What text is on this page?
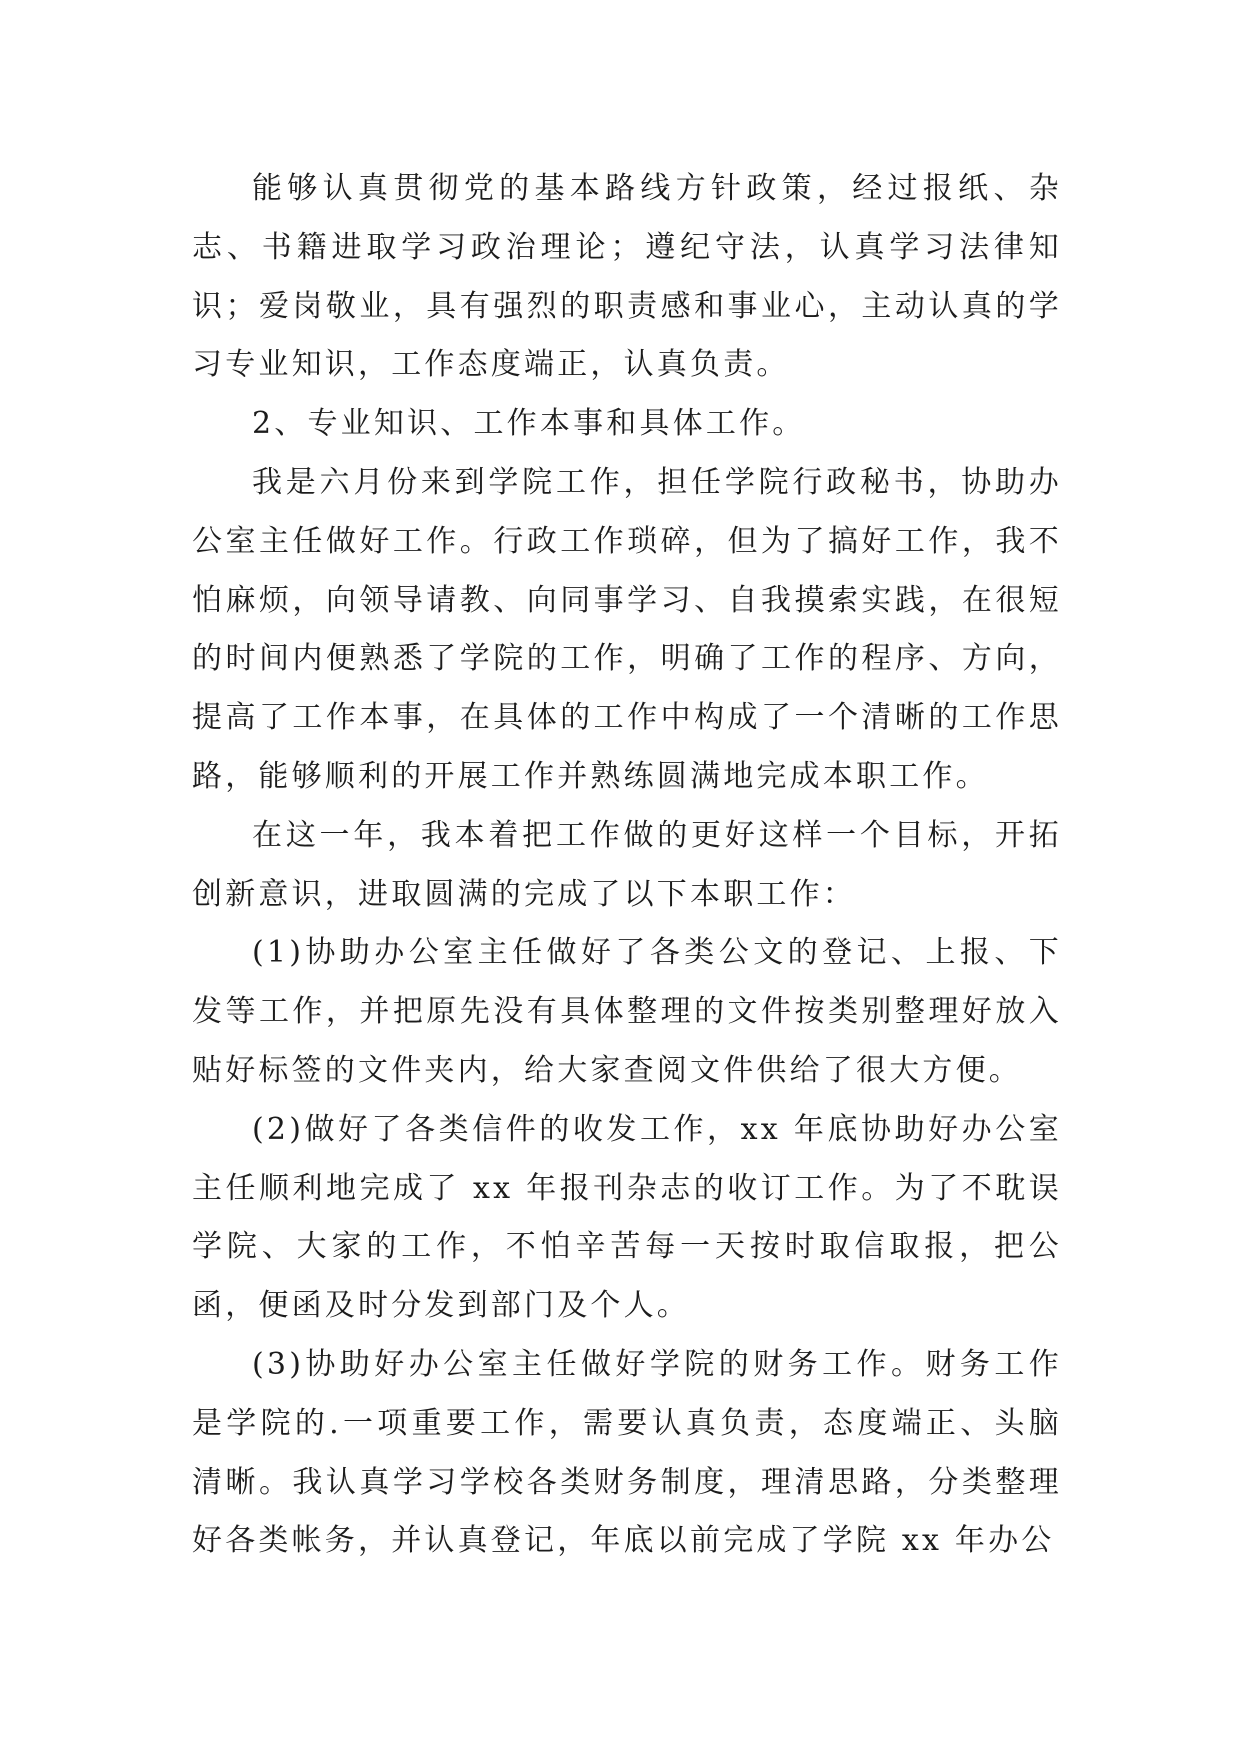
能够认真贯彻党的基本路线方针政策，经过报纸、杂志、书籍进取学习政治理论；遵纪守法，认真学习法律知识；爱岗敬业，具有强烈的职责感和事业心，主动认真的学习专业知识，工作态度端正，认真负责。

2、专业知识、工作本事和具体工作。

我是六月份来到学院工作，担任学院行政秘书，协助办公室主任做好工作。行政工作琐碎，但为了搞好工作，我不怕麻烦，向领导请教、向同事学习、自我摸索实践，在很短的时间内便熟悉了学院的工作，明确了工作的程序、方向，提高了工作本事，在具体的工作中构成了一个清晰的工作思路，能够顺利的开展工作并熟练圆满地完成本职工作。

在这一年，我本着把工作做的更好这样一个目标，开拓创新意识，进取圆满的完成了以下本职工作：

(1)协助办公室主任做好了各类公文的登记、上报、下发等工作，并把原先没有具体整理的文件按类别整理好放入贴好标签的文件夹内，给大家查阅文件供给了很大方便。

(2)做好了各类信件的收发工作，xx 年底协助好办公室主任顺利地完成了 xx 年报刊杂志的收订工作。为了不耽误学院、大家的工作，不怕辛苦每一天按时取信取报，把公函，便函及时分发到部门及个人。

(3)协助好办公室主任做好学院的财务工作。财务工作是学院的.一项重要工作，需要认真负责，态度端正、头脑清晰。我认真学习学校各类财务制度，理清思路，分类整理好各类帐务，并认真登记，年底以前完成了学院 xx 年办公
